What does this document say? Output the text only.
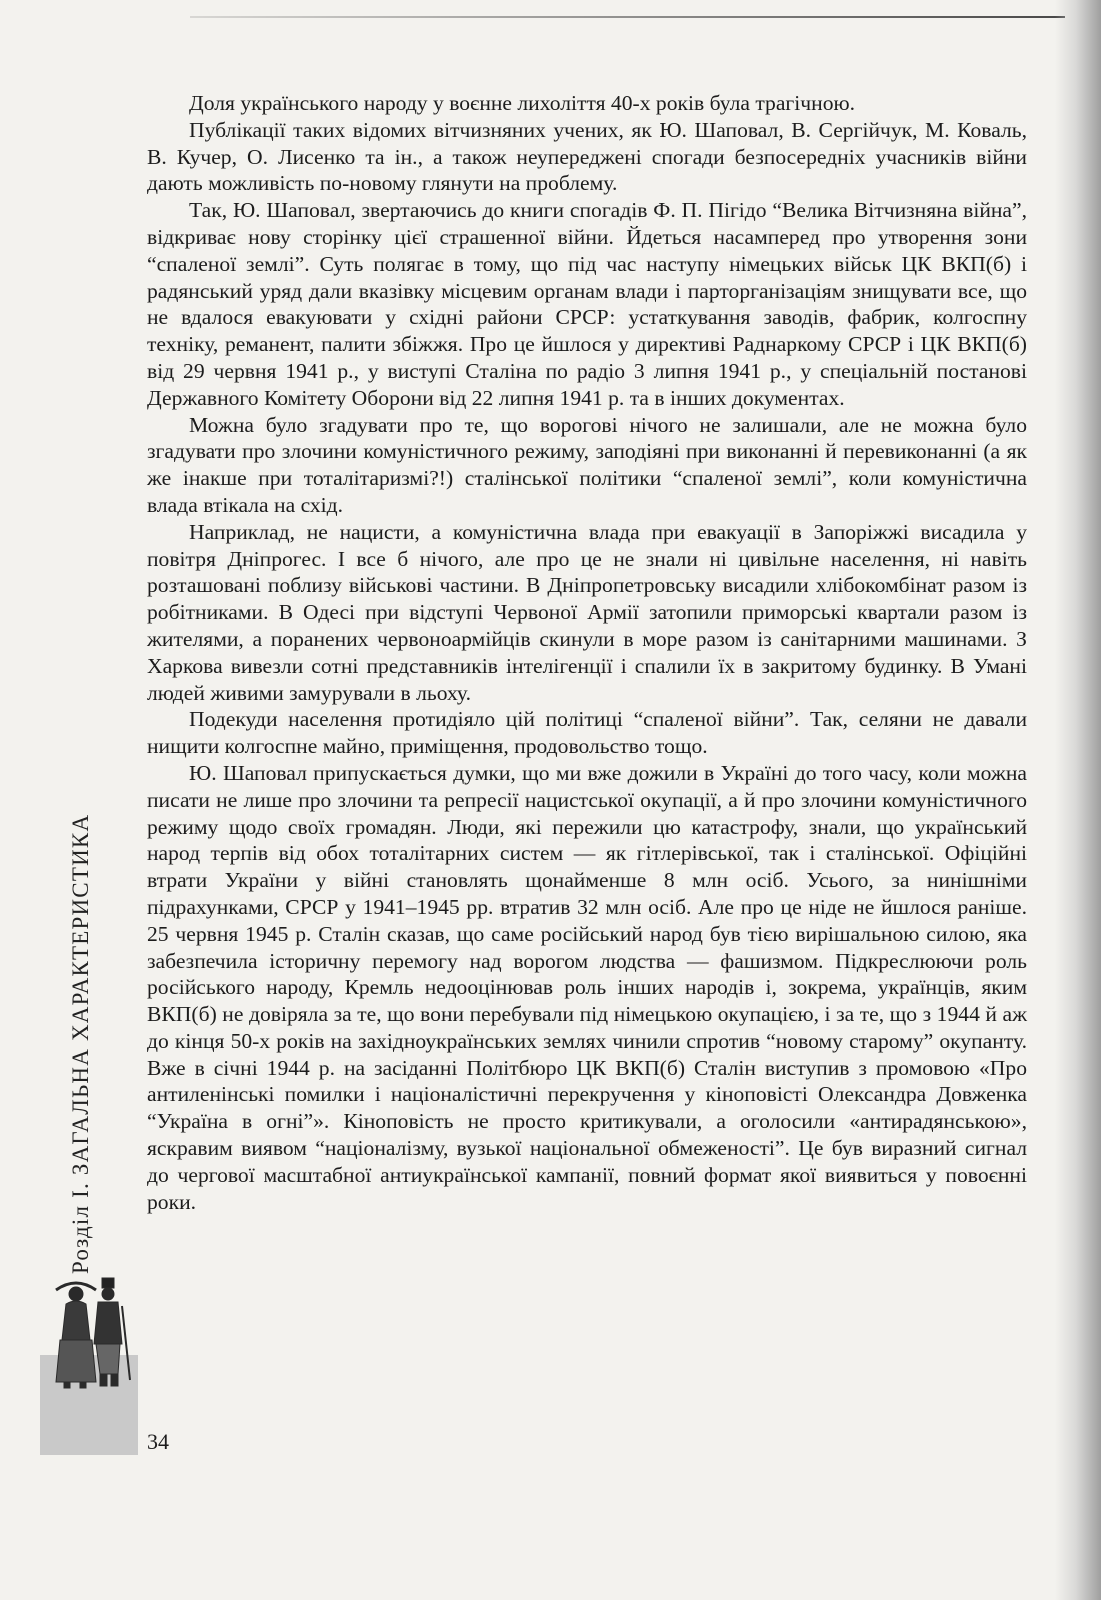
Розділ І. ЗАГАЛЬНА ХАРАКТЕРИСТИКА

Доля українського народу у воєнне лихоліття 40-х років була трагічною.

Публікації таких відомих вітчизняних учених, як Ю. Шаповал, В. Сергійчук, М. Коваль, В. Кучер, О. Лисенко та ін., а також неупереджені спогади безпосередніх учасників війни дають можливість по-новому глянути на проблему.

Так, Ю. Шаповал, звертаючись до книги спогадів Ф. П. Пігідо “Велика Вітчизняна війна”, відкриває нову сторінку цієї страшенної війни. Йдеться насамперед про утворення зони “спаленої землі”. Суть полягає в тому, що під час наступу німецьких військ ЦК ВКП(б) і радянський уряд дали вказівку місцевим органам влади і парторганізаціям знищувати все, що не вдалося евакуювати у східні райони СРСР: устаткування заводів, фабрик, колгоспну техніку, реманент, палити збіжжя. Про це йшлося у директиві Раднаркому СРСР і ЦК ВКП(б) від 29 червня 1941 р., у виступі Сталіна по радіо 3 липня 1941 р., у спеціальній постанові Державного Комітету Оборони від 22 липня 1941 р. та в інших документах.

Можна було згадувати про те, що ворогові нічого не залишали, але не можна було згадувати про злочини комуністичного режиму, заподіяні при виконанні й перевиконанні (а як же інакше при тоталітаризмі?!) сталінської політики “спаленої землі”, коли комуністична влада втікала на схід.

Наприклад, не нацисти, а комуністична влада при евакуації в Запоріжжі висадила у повітря Дніпрогес. І все б нічого, але про це не знали ні цивільне населення, ні навіть розташовані поблизу військові частини. В Дніпропетровську висадили хлібокомбінат разом із робітниками. В Одесі при відступі Червоної Армії затопили приморські квартали разом із жителями, а поранених червоноармійців скинули в море разом із санітарними машинами. З Харкова вивезли сотні представників інтелігенції і спалили їх в закритому будинку. В Умані людей живими замурували в льоху.

Подекуди населення протидіяло цій політиці “спаленої війни”. Так, селяни не давали нищити колгоспне майно, приміщення, продовольство тощо.

Ю. Шаповал припускається думки, що ми вже дожили в Україні до того часу, коли можна писати не лише про злочини та репресії нацистської окупації, а й про злочини комуністичного режиму щодо своїх громадян. Люди, які пережили цю катастрофу, знали, що український народ терпів від обох тоталітарних систем — як гітлерівської, так і сталінської. Офіційні втрати України у війні становлять щонайменше 8 млн осіб. Усього, за нинішніми підрахунками, СРСР у 1941–1945 рр. втратив 32 млн осіб. Але про це ніде не йшлося раніше. 25 червня 1945 р. Сталін сказав, що саме російський народ був тією вирішальною силою, яка забезпечила історичну перемогу над ворогом людства — фашизмом. Підкреслюючи роль російського народу, Кремль недооцінював роль інших народів і, зокрема, українців, яким ВКП(б) не довіряла за те, що вони перебували під німецькою окупацією, і за те, що з 1944 й аж до кінця 50-х років на західноукраїнських землях чинили спротив “новому старому” окупанту. Вже в січні 1944 р. на засіданні Політбюро ЦК ВКП(б) Сталін виступив з промовою «Про антиленінські помилки і націоналістичні перекручення у кіноповісті Олександра Довженка “Україна в огні”». Кіноповість не просто критикували, а оголосили «антирадянською», яскравим виявом “націоналізму, вузької національної обмеженості”. Це був виразний сигнал до чергової масштабної антиукраїнської кампанії, повний формат якої виявиться у повоєнні роки.

34
